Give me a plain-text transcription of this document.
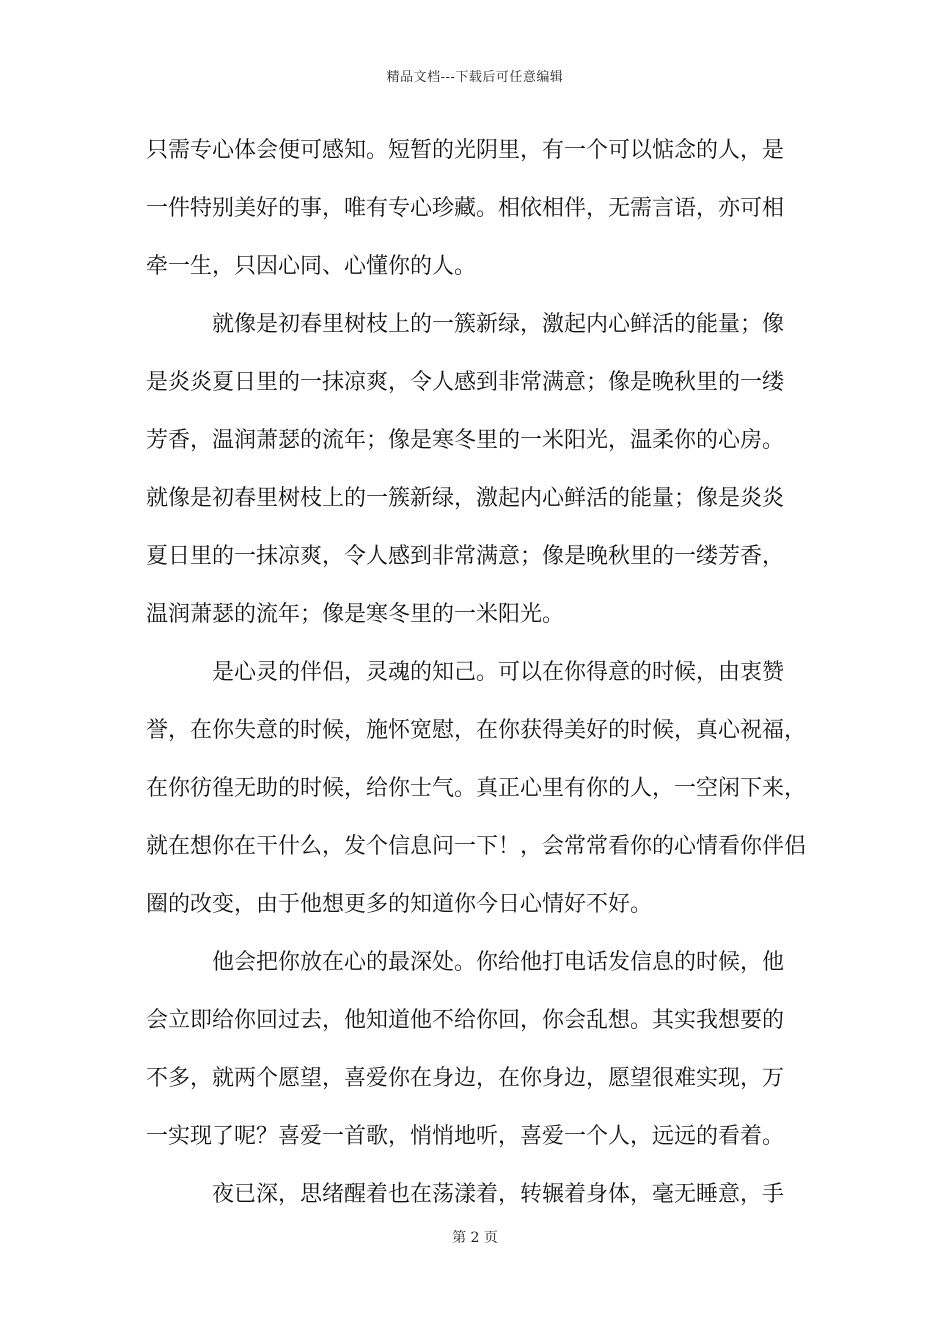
精品文档---下载后可任意编辑
只需专心体会便可感知。短暂的光阴里，有一个可以惦念的人，是
一件特别美好的事，唯有专心珍藏。相依相伴，无需言语，亦可相
牵一生，只因心同、心懂你的人。
就像是初春里树枝上的一簇新绿，激起内心鲜活的能量；像
是炎炎夏日里的一抹凉爽，令人感到非常满意；像是晚秋里的一缕
芳香，温润萧瑟的流年；像是寒冬里的一米阳光，温柔你的心房。
就像是初春里树枝上的一簇新绿，激起内心鲜活的能量；像是炎炎
夏日里的一抹凉爽，令人感到非常满意；像是晚秋里的一缕芳香，
温润萧瑟的流年；像是寒冬里的一米阳光。
是心灵的伴侣，灵魂的知己。可以在你得意的时候，由衷赞
誉，在你失意的时候，施怀宽慰，在你获得美好的时候，真心祝福，
在你彷徨无助的时候，给你士气。真正心里有你的人，一空闲下来，
就在想你在干什么，发个信息问一下！，会常常看你的心情看你伴侣
圈的改变，由于他想更多的知道你今日心情好不好。
他会把你放在心的最深处。你给他打电话发信息的时候，他
会立即给你回过去，他知道他不给你回，你会乱想。其实我想要的
不多，就两个愿望，喜爱你在身边，在你身边，愿望很难实现，万
一实现了呢？喜爱一首歌，悄悄地听，喜爱一个人，远远的看着。
夜已深，思绪醒着也在荡漾着，转辗着身体，毫无睡意，手
第 2 页
